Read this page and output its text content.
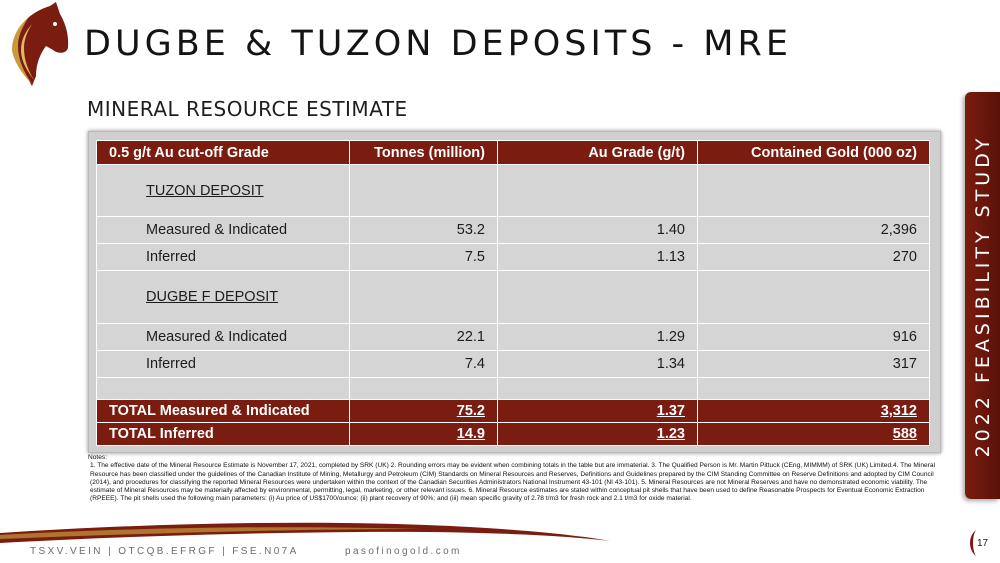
DUGBE & TUZON DEPOSITS - MRE
MINERAL RESOURCE ESTIMATE
2022 FEASIBILITY STUDY
0.5 g/t Au cut-off Grade	Tonnes (million)	Au Grade (g/t)	Contained Gold (000 oz)
TUZON DEPOSIT			
Measured & Indicated	53.2	1.40	2,396
Inferred	7.5	1.13	270
DUGBE F DEPOSIT			
Measured & Indicated	22.1	1.29	916
Inferred	7.4	1.34	317

TOTAL Measured & Indicated	75.2	1.37	3,312
TOTAL Inferred	14.9	1.23	588
Notes:
1. The effective date of the Mineral Resource Estimate is November 17, 2021, completed by SRK (UK) 2. Rounding errors may be evident when combining totals in the table but are immaterial. 3. The Qualified Person is Mr. Martin Pittuck (CEng, MIMMM) of SRK (UK) Limited.4. The Mineral Resource has been classified under the guidelines of the Canadian Institute of Mining, Metallurgy and Petroleum (CIM) Standards on Mineral Resources and Reserves, Definitions and Guidelines prepared by the CIM Standing Committee on Reserve Definitions and adopted by CIM Council (2014), and procedures for classifying the reported Mineral Resources were undertaken within the context of the Canadian Securities Administrators National Instrument 43-101 (NI 43-101). 5. Mineral Resources are not Mineral Reserves and have no demonstrated economic viability. The estimate of Mineral Resources may be materially affected by environmental, permitting, legal, marketing, or other relevant issues. 6. Mineral Resource estimates are stated within conceptual pit shells that have been used to define Reasonable Prospects for Eventual Economic Extraction (RPEEE). The pit shells used the following main parameters: (i) Au price of US$1700/ounce; (ii) plant recovery of 90%; and (iii) mean specific gravity of 2.78 t/m3 for fresh rock and 2.1 t/m3 for oxide material.
TSXV.VEIN | OTCQB.EFRGF | FSE.N07A	pasofinogold.com
17
